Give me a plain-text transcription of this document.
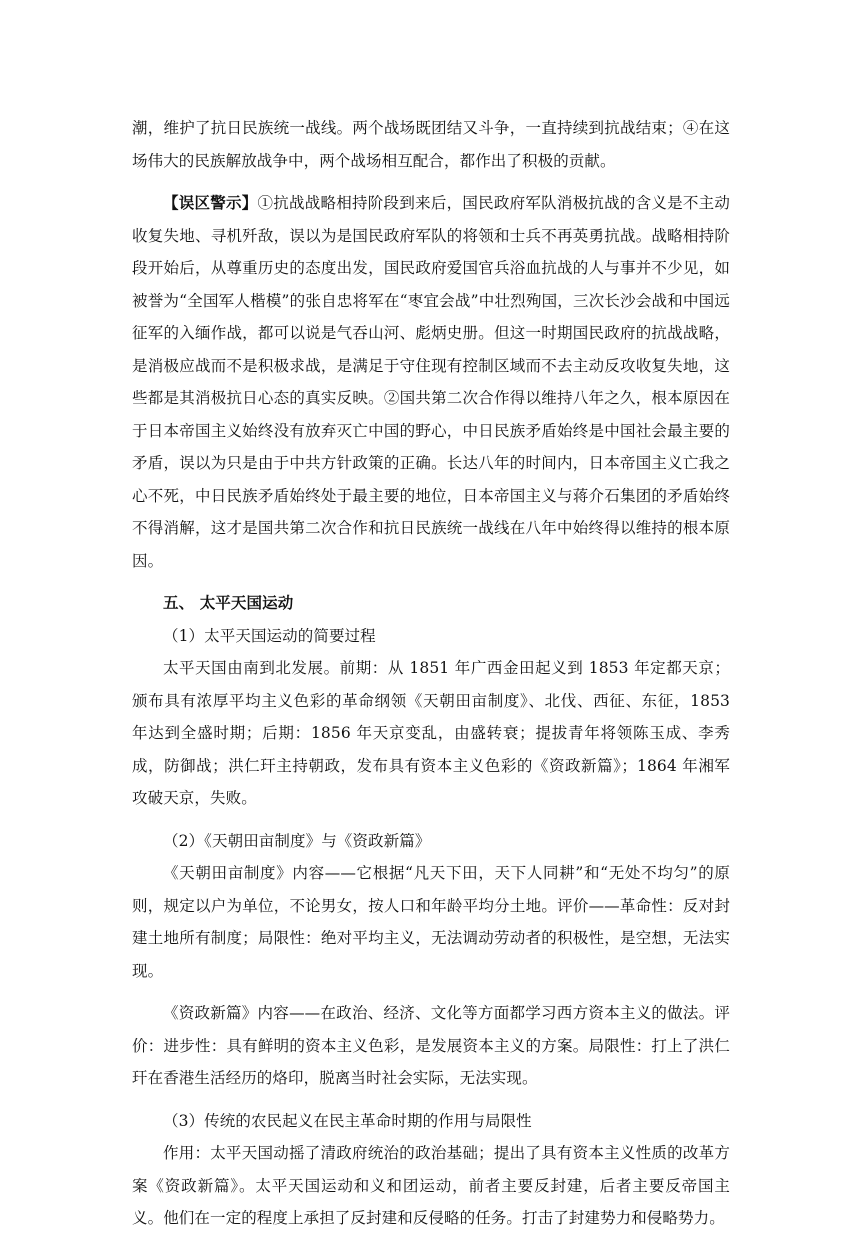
潮，维护了抗日民族统一战线。两个战场既团结又斗争，一直持续到抗战结束；④在这场伟大的民族解放战争中，两个战场相互配合，都作出了积极的贡献。

【误区警示】①抗战战略相持阶段到来后，国民政府军队消极抗战的含义是不主动收复失地、寻机歼敌，误以为是国民政府军队的将领和士兵不再英勇抗战。战略相持阶段开始后，从尊重历史的态度出发，国民政府爱国官兵浴血抗战的人与事并不少见，如被誉为“全国军人楷模”的张自忠将军在“枣宜会战”中壮烈殉国，三次长沙会战和中国远征军的入缅作战，都可以说是气吞山河、彪炳史册。但这一时期国民政府的抗战战略，是消极应战而不是积极求战，是满足于守住现有控制区域而不去主动反攻收复失地，这些都是其消极抗日心态的真实反映。②国共第二次合作得以维持八年之久，根本原因在于日本帝国主义始终没有放弃灭亡中国的野心，中日民族矛盾始终是中国社会最主要的矛盾，误以为只是由于中共方针政策的正确。长达八年的时间内，日本帝国主义亡我之心不死，中日民族矛盾始终处于最主要的地位，日本帝国主义与蒋介石集团的矛盾始终不得消解，这才是国共第二次合作和抗日民族统一战线在八年中始终得以维持的根本原因。

五、 太平天国运动

（1）太平天国运动的简要过程

太平天国由南到北发展。前期：从 1851 年广西金田起义到 1853 年定都天京；颁布具有浓厚平均主义色彩的革命纲领《天朝田亩制度》、北伐、西征、东征，1853 年达到全盛时期；后期：1856 年天京变乱，由盛转衰；提拔青年将领陈玉成、李秀成，防御战；洪仁玕主持朝政，发布具有资本主义色彩的《资政新篇》；1864 年湘军攻破天京，失败。

（2）《天朝田亩制度》与《资政新篇》

《天朝田亩制度》内容——它根据“凡天下田，天下人同耕”和“无处不均匀”的原则，规定以户为单位，不论男女，按人口和年龄平均分土地。评价——革命性：反对封建土地所有制度；局限性：绝对平均主义，无法调动劳动者的积极性，是空想，无法实现。

《资政新篇》内容——在政治、经济、文化等方面都学习西方资本主义的做法。评价：进步性：具有鲜明的资本主义色彩，是发展资本主义的方案。局限性：打上了洪仁玕在香港生活经历的烙印，脱离当时社会实际，无法实现。

（3）传统的农民起义在民主革命时期的作用与局限性

作用：太平天国动摇了清政府统治的政治基础；提出了具有资本主义性质的改革方案《资政新篇》。太平天国运动和义和团运动，前者主要反封建，后者主要反帝国主义。他们在一定的程度上承担了反封建和反侵略的任务。打击了封建势力和侵略势力。
